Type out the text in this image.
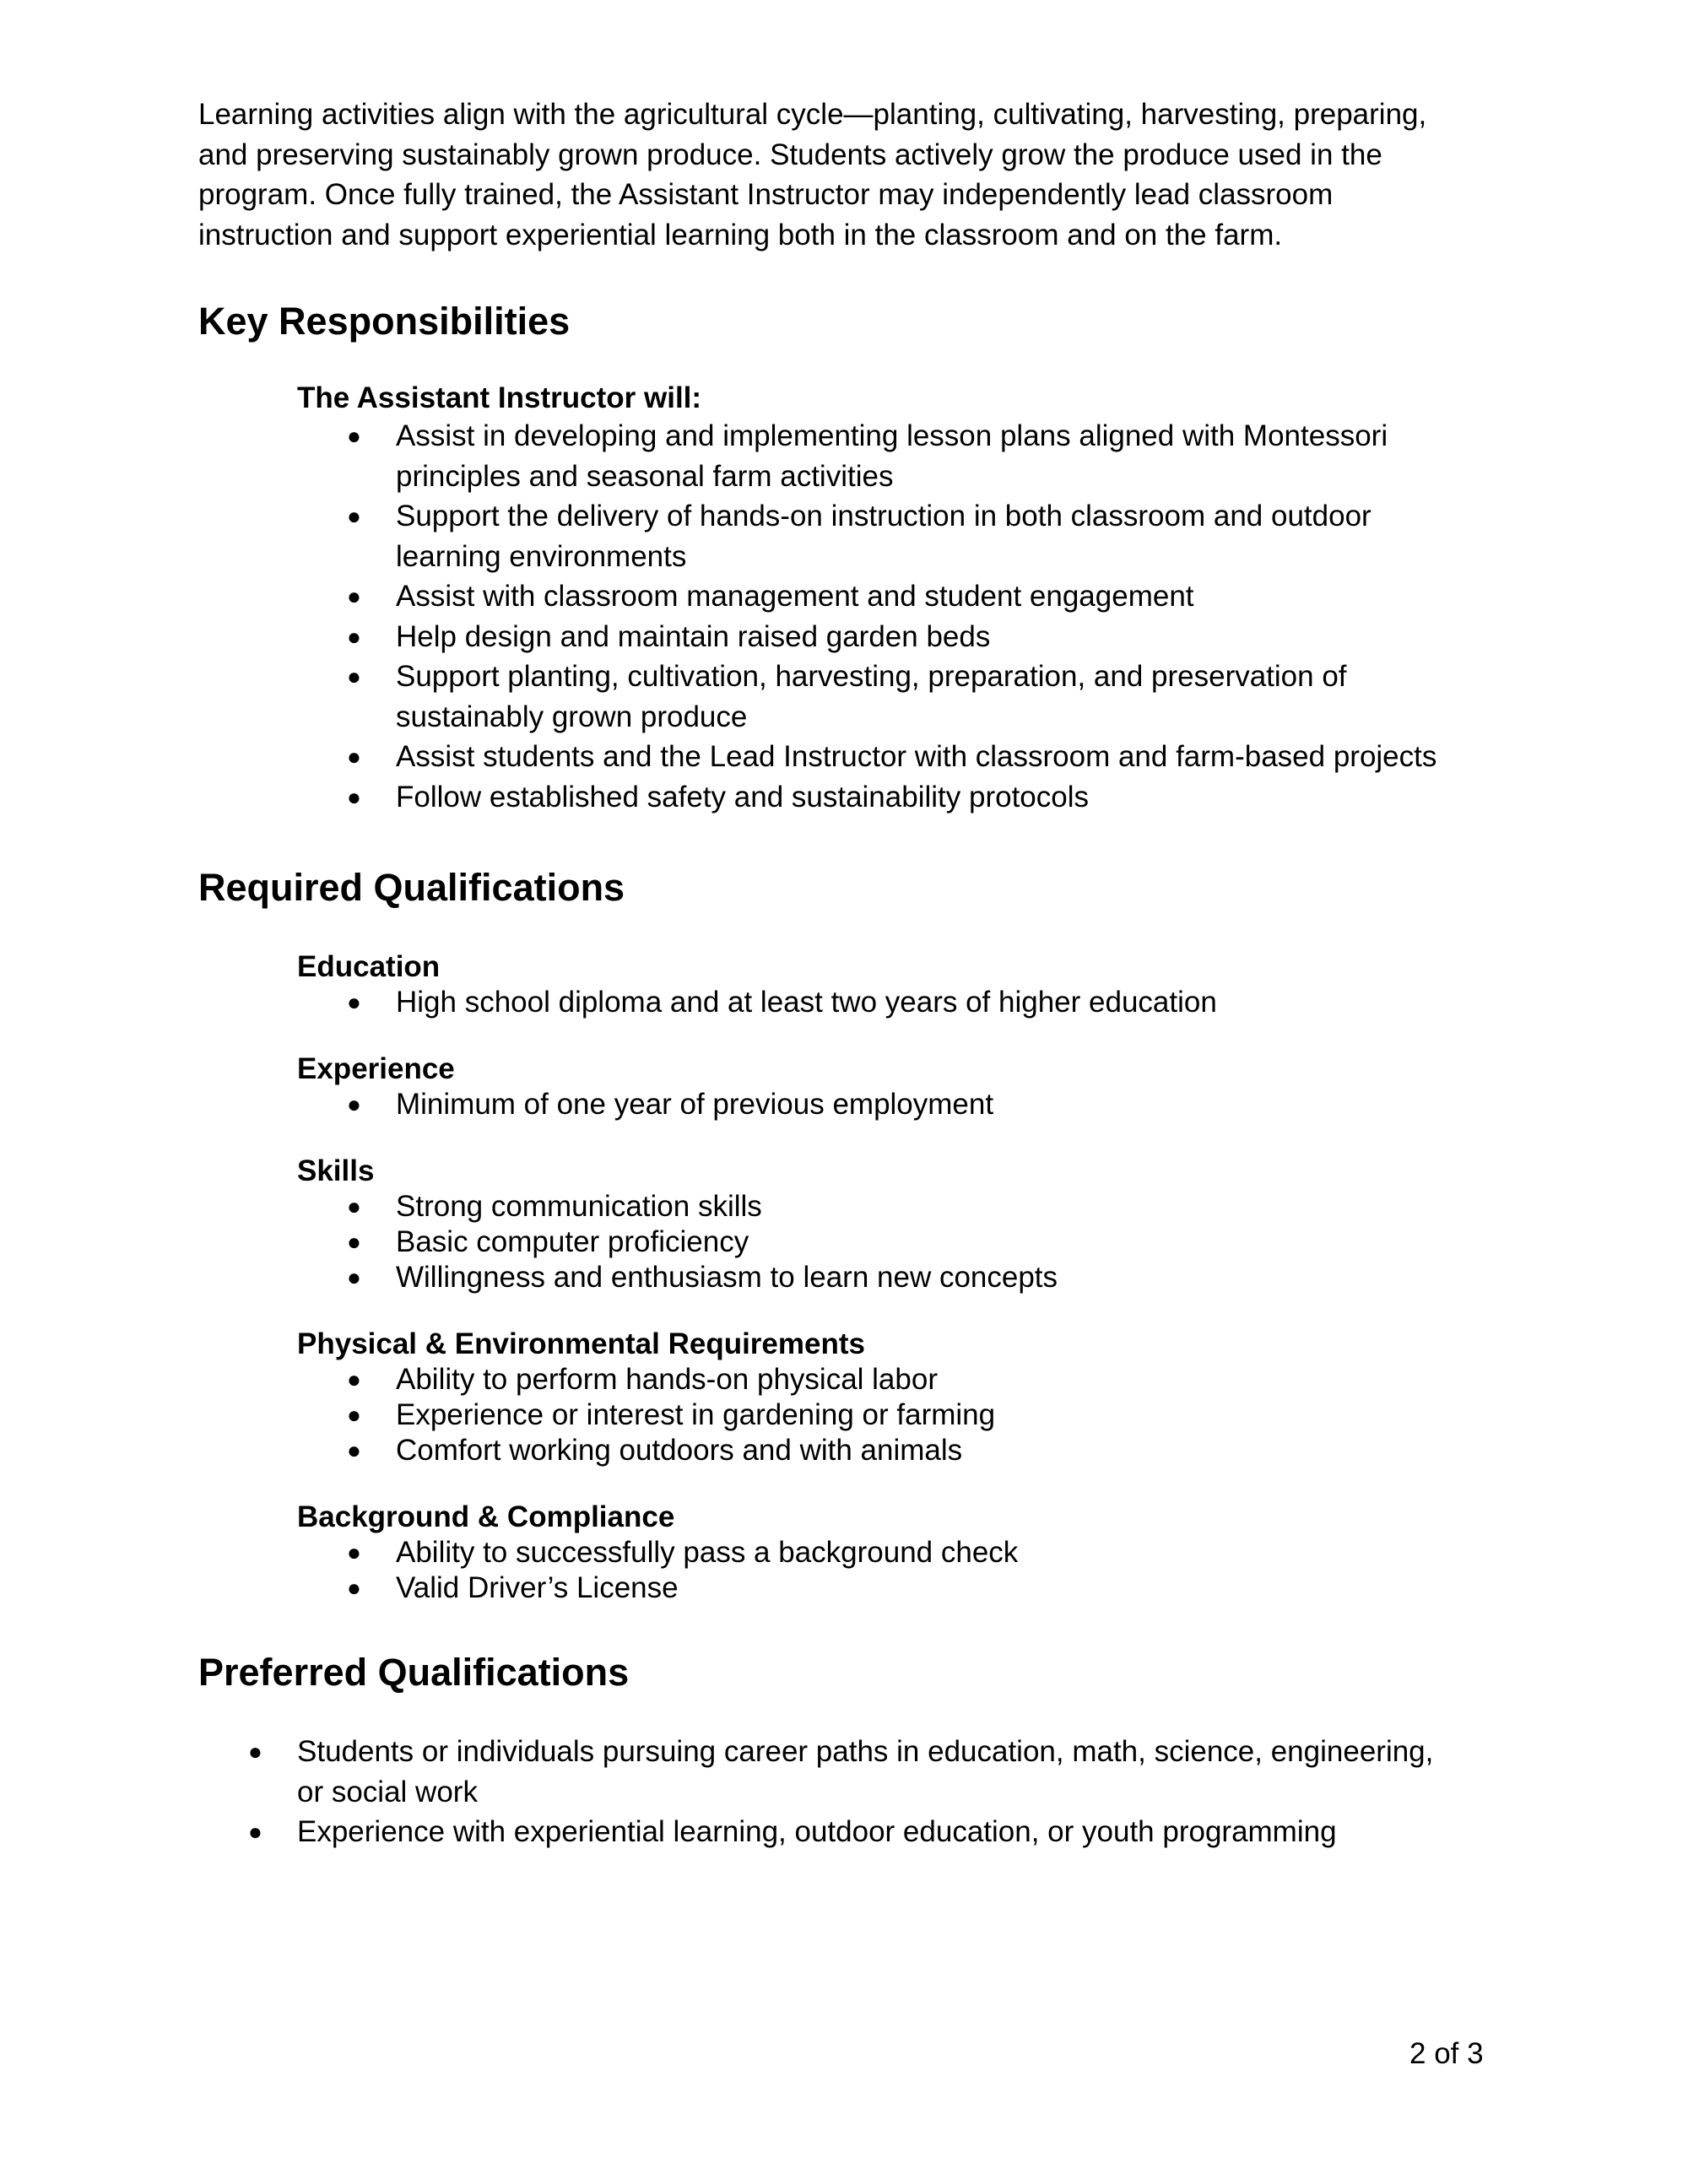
Learning activities align with the agricultural cycle—planting, cultivating, harvesting, preparing,
and preserving sustainably grown produce. Students actively grow the produce used in the
program. Once fully trained, the Assistant Instructor may independently lead classroom
instruction and support experiential learning both in the classroom and on the farm.

Key Responsibilities
The Assistant Instructor will:
● Assist in developing and implementing lesson plans aligned with Montessori
principles and seasonal farm activities
● Support the delivery of hands-on instruction in both classroom and outdoor
learning environments
● Assist with classroom management and student engagement
● Help design and maintain raised garden beds
● Support planting, cultivation, harvesting, preparation, and preservation of
sustainably grown produce
● Assist students and the Lead Instructor with classroom and farm-based projects
● Follow established safety and sustainability protocols
Required Qualifications
Education
● High school diploma and at least two years of higher education
Experience
● Minimum of one year of previous employment
Skills
● Strong communication skills
● Basic computer proficiency
● Willingness and enthusiasm to learn new concepts
Physical & Environmental Requirements
● Ability to perform hands-on physical labor
● Experience or interest in gardening or farming
● Comfort working outdoors and with animals
Background & Compliance
● Ability to successfully pass a background check
● Valid Driver’s License
Preferred Qualifications
● Students or individuals pursuing career paths in education, math, science, engineering,
or social work
● Experience with experiential learning, outdoor education, or youth programming
2 of 3
